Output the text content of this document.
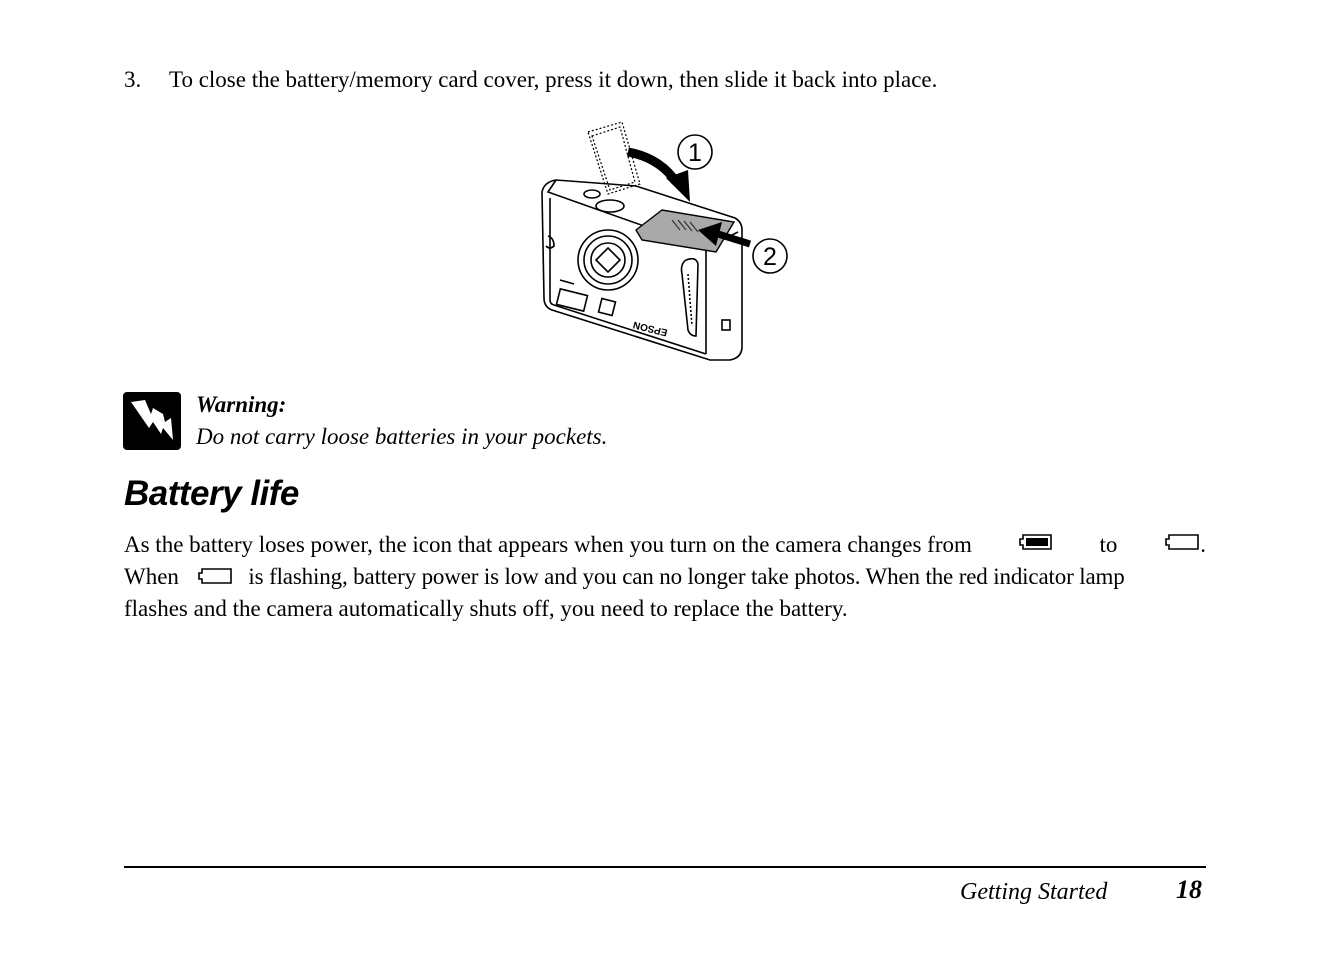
3. To close the battery/memory card cover, press it down, then slide it back into place.
EPSON
1
2
Warning:
Do not carry loose batteries in your pockets.
Battery life
As the battery loses power, the icon that appears when you turn on the camera changes from	to	.
When	is flashing, battery power is low and you can no longer take photos. When the red indicator lamp
flashes and the camera automatically shuts off, you need to replace the battery.
Getting Started	18
